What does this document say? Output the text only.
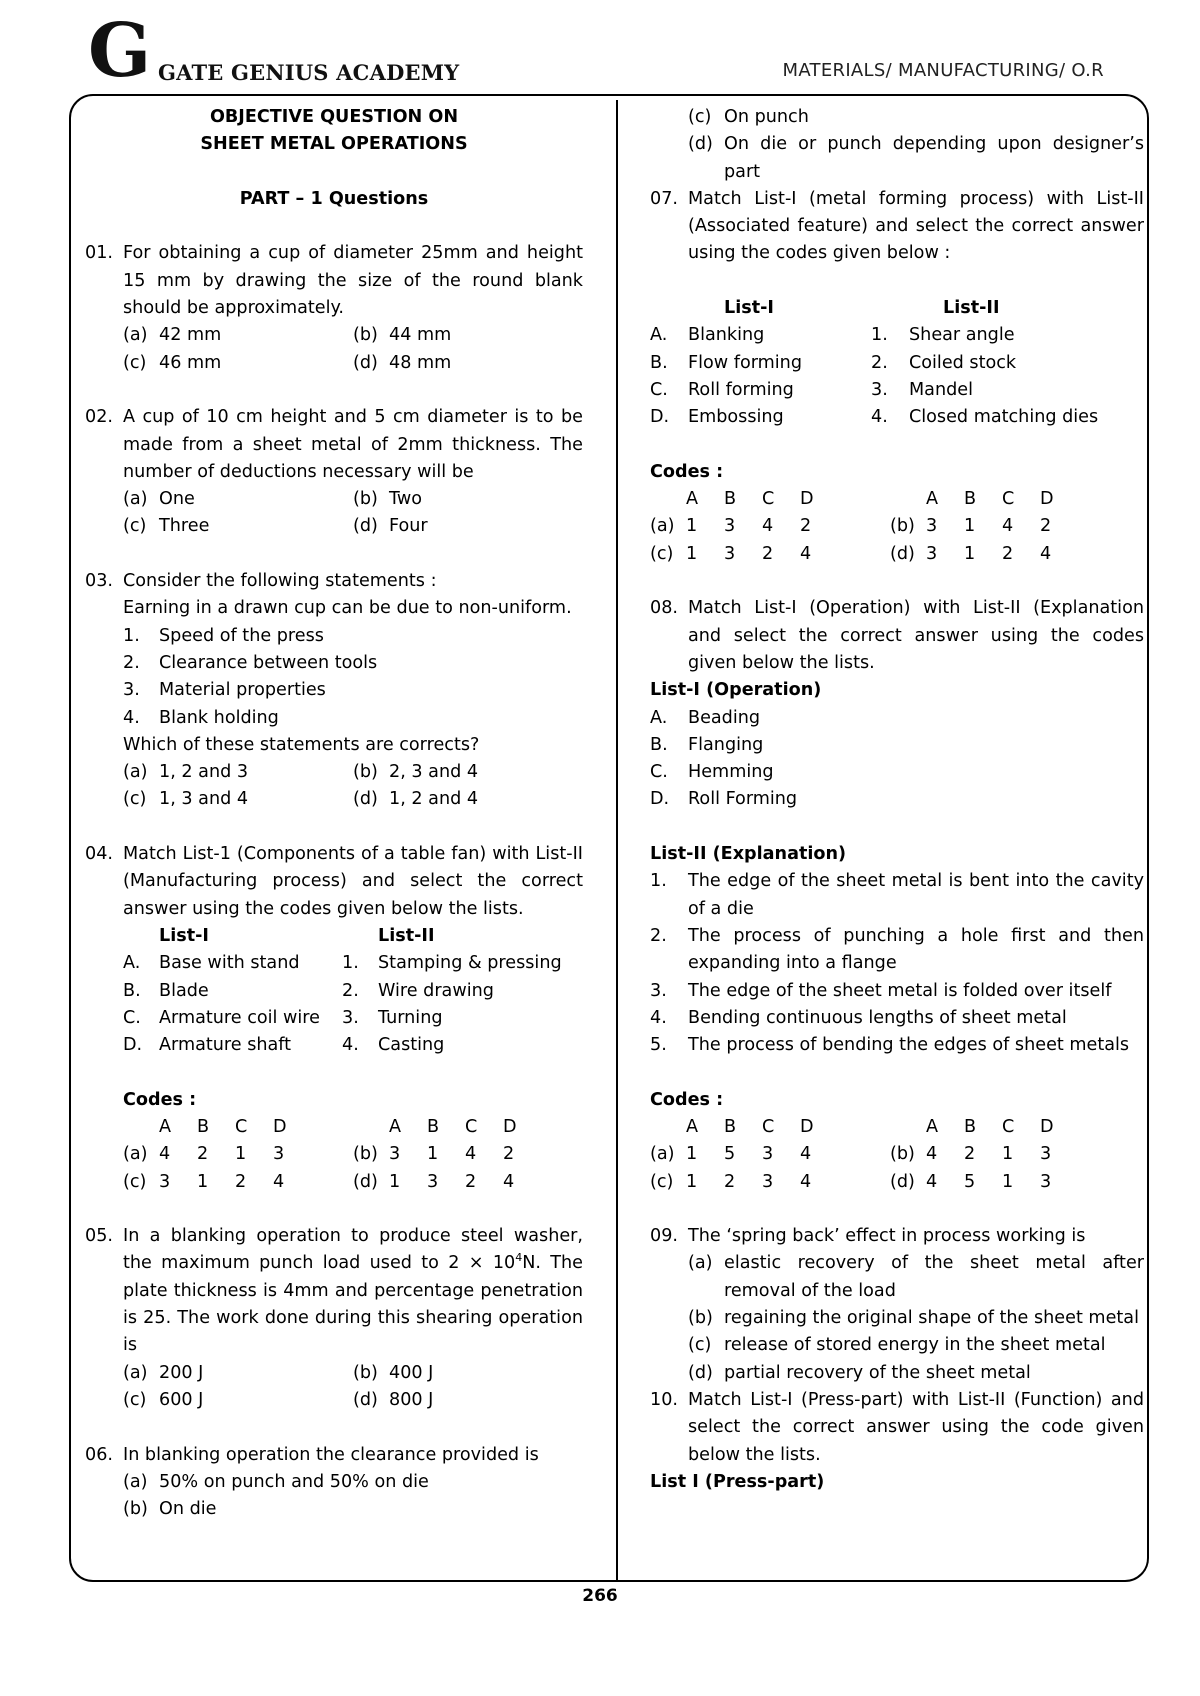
G GATE GENIUS ACADEMY	MATERIALS/ MANUFACTURING/ O.R
OBJECTIVE QUESTION ON
SHEET METAL OPERATIONS
PART – 1 Questions
01. For obtaining a cup of diameter 25mm and height 15 mm by drawing the size of the round blank should be approximately.
(a) 42 mm	(b) 44 mm
(c) 46 mm	(d) 48 mm
02. A cup of 10 cm height and 5 cm diameter is to be made from a sheet metal of 2mm thickness. The number of deductions necessary will be
(a) One	(b) Two
(c) Three	(d) Four
03. Consider the following statements :
Earning in a drawn cup can be due to non-uniform.
1.	Speed of the press
2.	Clearance between tools
3.	Material properties
4.	Blank holding
Which of these statements are corrects?
(a) 1, 2 and 3	(b) 2, 3 and 4
(c) 1, 3 and 4	(d) 1, 2 and 4
04. Match List-1 (Components of a table fan) with List-II (Manufacturing process) and select the correct answer using the codes given below the lists.
List-I	List-II
A.	Base with stand	1.	Stamping & pressing
B.	Blade	2.	Wire drawing
C.	Armature coil wire	3.	Turning
D. Armature shaft	4.	Casting
Codes :
A	B	C	D	A	B	C	D
(a) 4	2	1	3	(b) 3	1	4	2
(c) 3	1	2	4	(d) 1	3	2	4
05. In a blanking operation to produce steel washer, the maximum punch load used to $2 \times 10^4N$. The plate thickness is 4mm and percentage penetration is 25. The work done during this shearing operation is
(a) 200 J	(b) 400 J
(c) 600 J	(d) 800 J
06. In blanking operation the clearance provided is
(a) 50% on punch and 50% on die
(b) On die
(c) On punch
(d) On die or punch depending upon designer’s part
07. Match List-I (metal forming process) with List-II (Associated feature) and select the correct answer using the codes given below :
List-I	List-II
A.	Blanking	1.	Shear angle
B.	Flow forming	2.	Coiled stock
C.	Roll forming	3.	Mandel
D.	Embossing	4.	Closed matching dies
Codes :
A	B	C	D	A	B	C	D
(a) 1	3	4	2	(b) 3	1	4	2
(c) 1	3	2	4	(d) 3	1	2	4
08. Match List-I (Operation) with List-II (Explanation and select the correct answer using the codes given below the lists.
List-I (Operation)
A.	Beading
B.	Flanging
C.	Hemming
D.	Roll Forming
List-II (Explanation)
1.	The edge of the sheet metal is bent into the cavity of a die
2.	The process of punching a hole first and then expanding into a flange
3.	The edge of the sheet metal is folded over itself
4.	Bending continuous lengths of sheet metal
5.	The process of bending the edges of sheet metals
Codes :
A	B	C	D	A	B	C	D
(a) 1	5	3	4	(b) 4	2	1	3
(c) 1	2	3	4	(d) 4	5	1	3
09. The ‘spring back’ effect in process working is
(a) elastic recovery of the sheet metal after removal of the load
(b) regaining the original shape of the sheet metal
(c) release of stored energy in the sheet metal
(d) partial recovery of the sheet metal
10. Match List-I (Press-part) with List-II (Function) and select the correct answer using the code given below the lists.
List I (Press-part)
266
